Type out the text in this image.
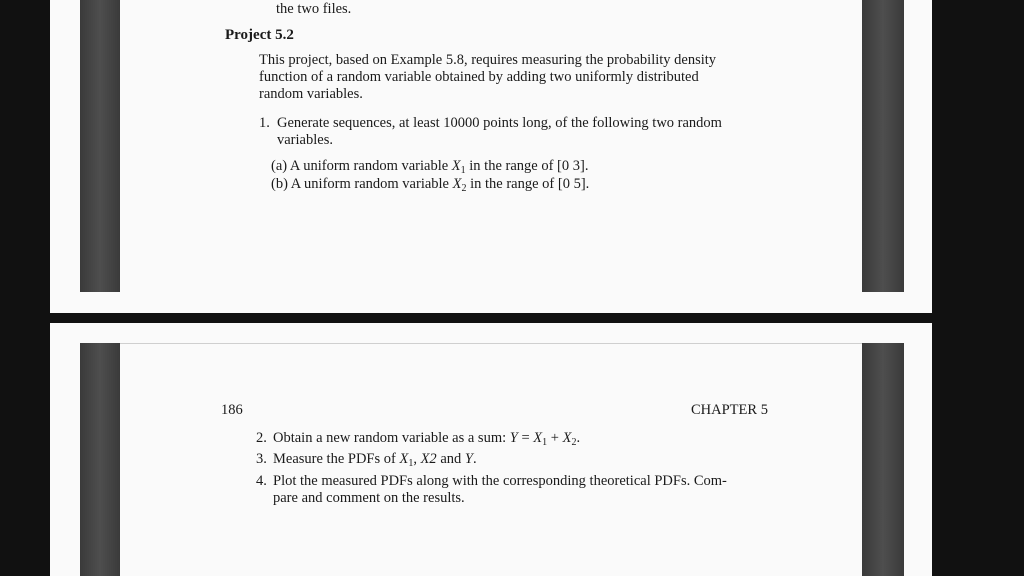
the two files.
Project 5.2
This project, based on Example 5.8, requires measuring the probability density
function of a random variable obtained by adding two uniformly distributed
random variables.
1. Generate sequences, at least 10000 points long, of the following two random
variables.
(a) A uniform random variable $X_1$ in the range of [0 3].
(b) A uniform random variable $X_2$ in the range of [0 5].
186	CHAPTER 5
2. Obtain a new random variable as a sum: $Y = X_1 + X_2$.
3. Measure the PDFs of $X_1$, X2 and Y.
4. Plot the measured PDFs along with the corresponding theoretical PDFs. Com-
pare and comment on the results.
